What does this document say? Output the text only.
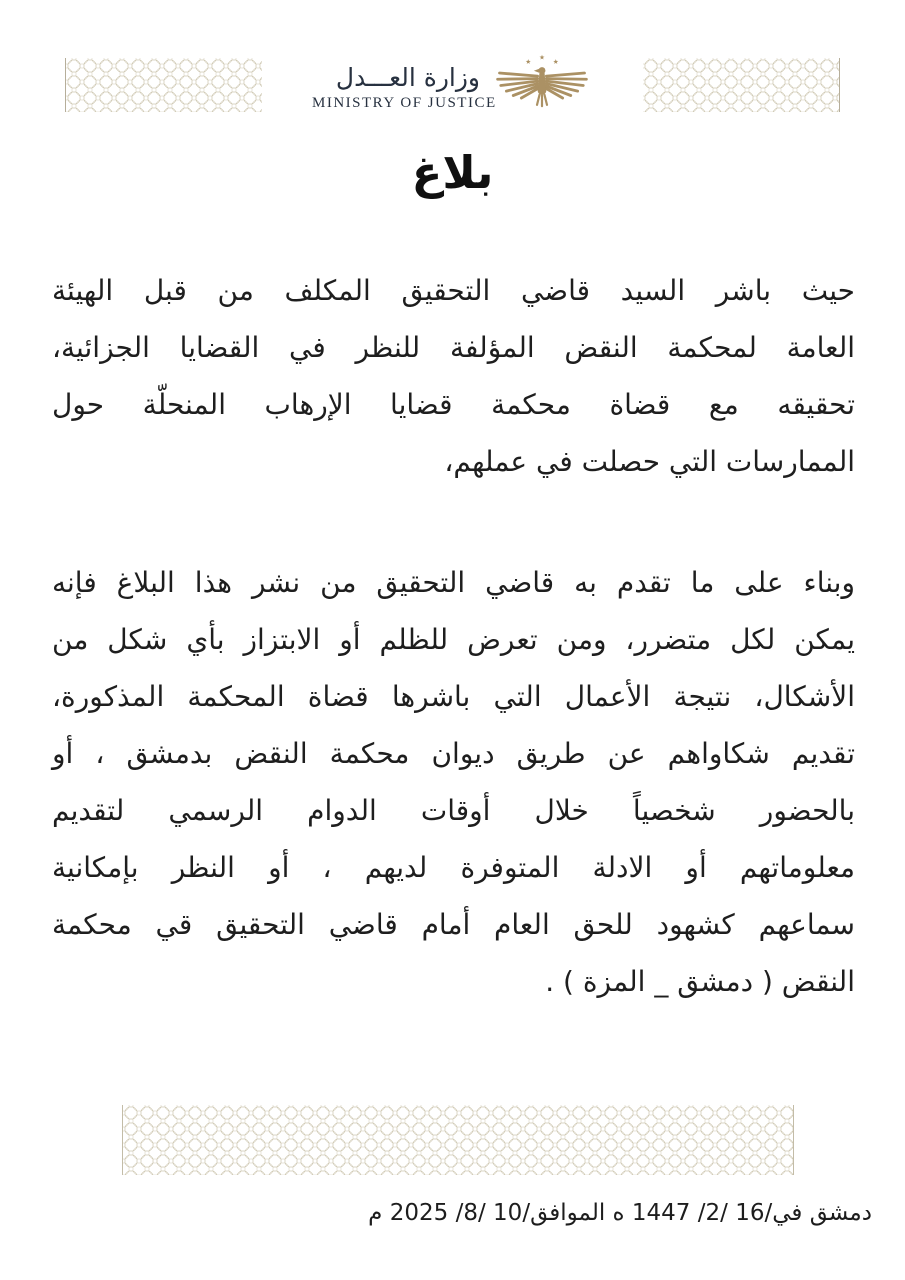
وزارة العـــدل
MINISTRY OF JUSTICE
بلاغ
حيث باشر السيد قاضي التحقيق المكلف من قبل الهيئة
العامة لمحكمة النقض المؤلفة للنظر في القضايا الجزائية،
تحقيقه مع قضاة محكمة قضايا الإرهاب المنحلّة حول
الممارسات التي حصلت في عملهم،
وبناء على ما تقدم به قاضي التحقيق من نشر هذا البلاغ فإنه
يمكن لكل متضرر، ومن تعرض للظلم أو الابتزاز بأي شكل من
الأشكال، نتيجة الأعمال التي باشرها قضاة المحكمة المذكورة،
تقديم شكاواهم عن طريق ديوان محكمة النقض بدمشق ، أو
بالحضور شخصياً خلال أوقات الدوام الرسمي لتقديم
معلوماتهم أو الادلة المتوفرة لديهم ، أو النظر بإمكانية
سماعهم كشهود للحق العام أمام قاضي التحقيق قي محكمة
النقض ( دمشق _ المزة ) .
دمشق في/16 /2/ 1447 ه الموافق/10 /8/ 2025 م
